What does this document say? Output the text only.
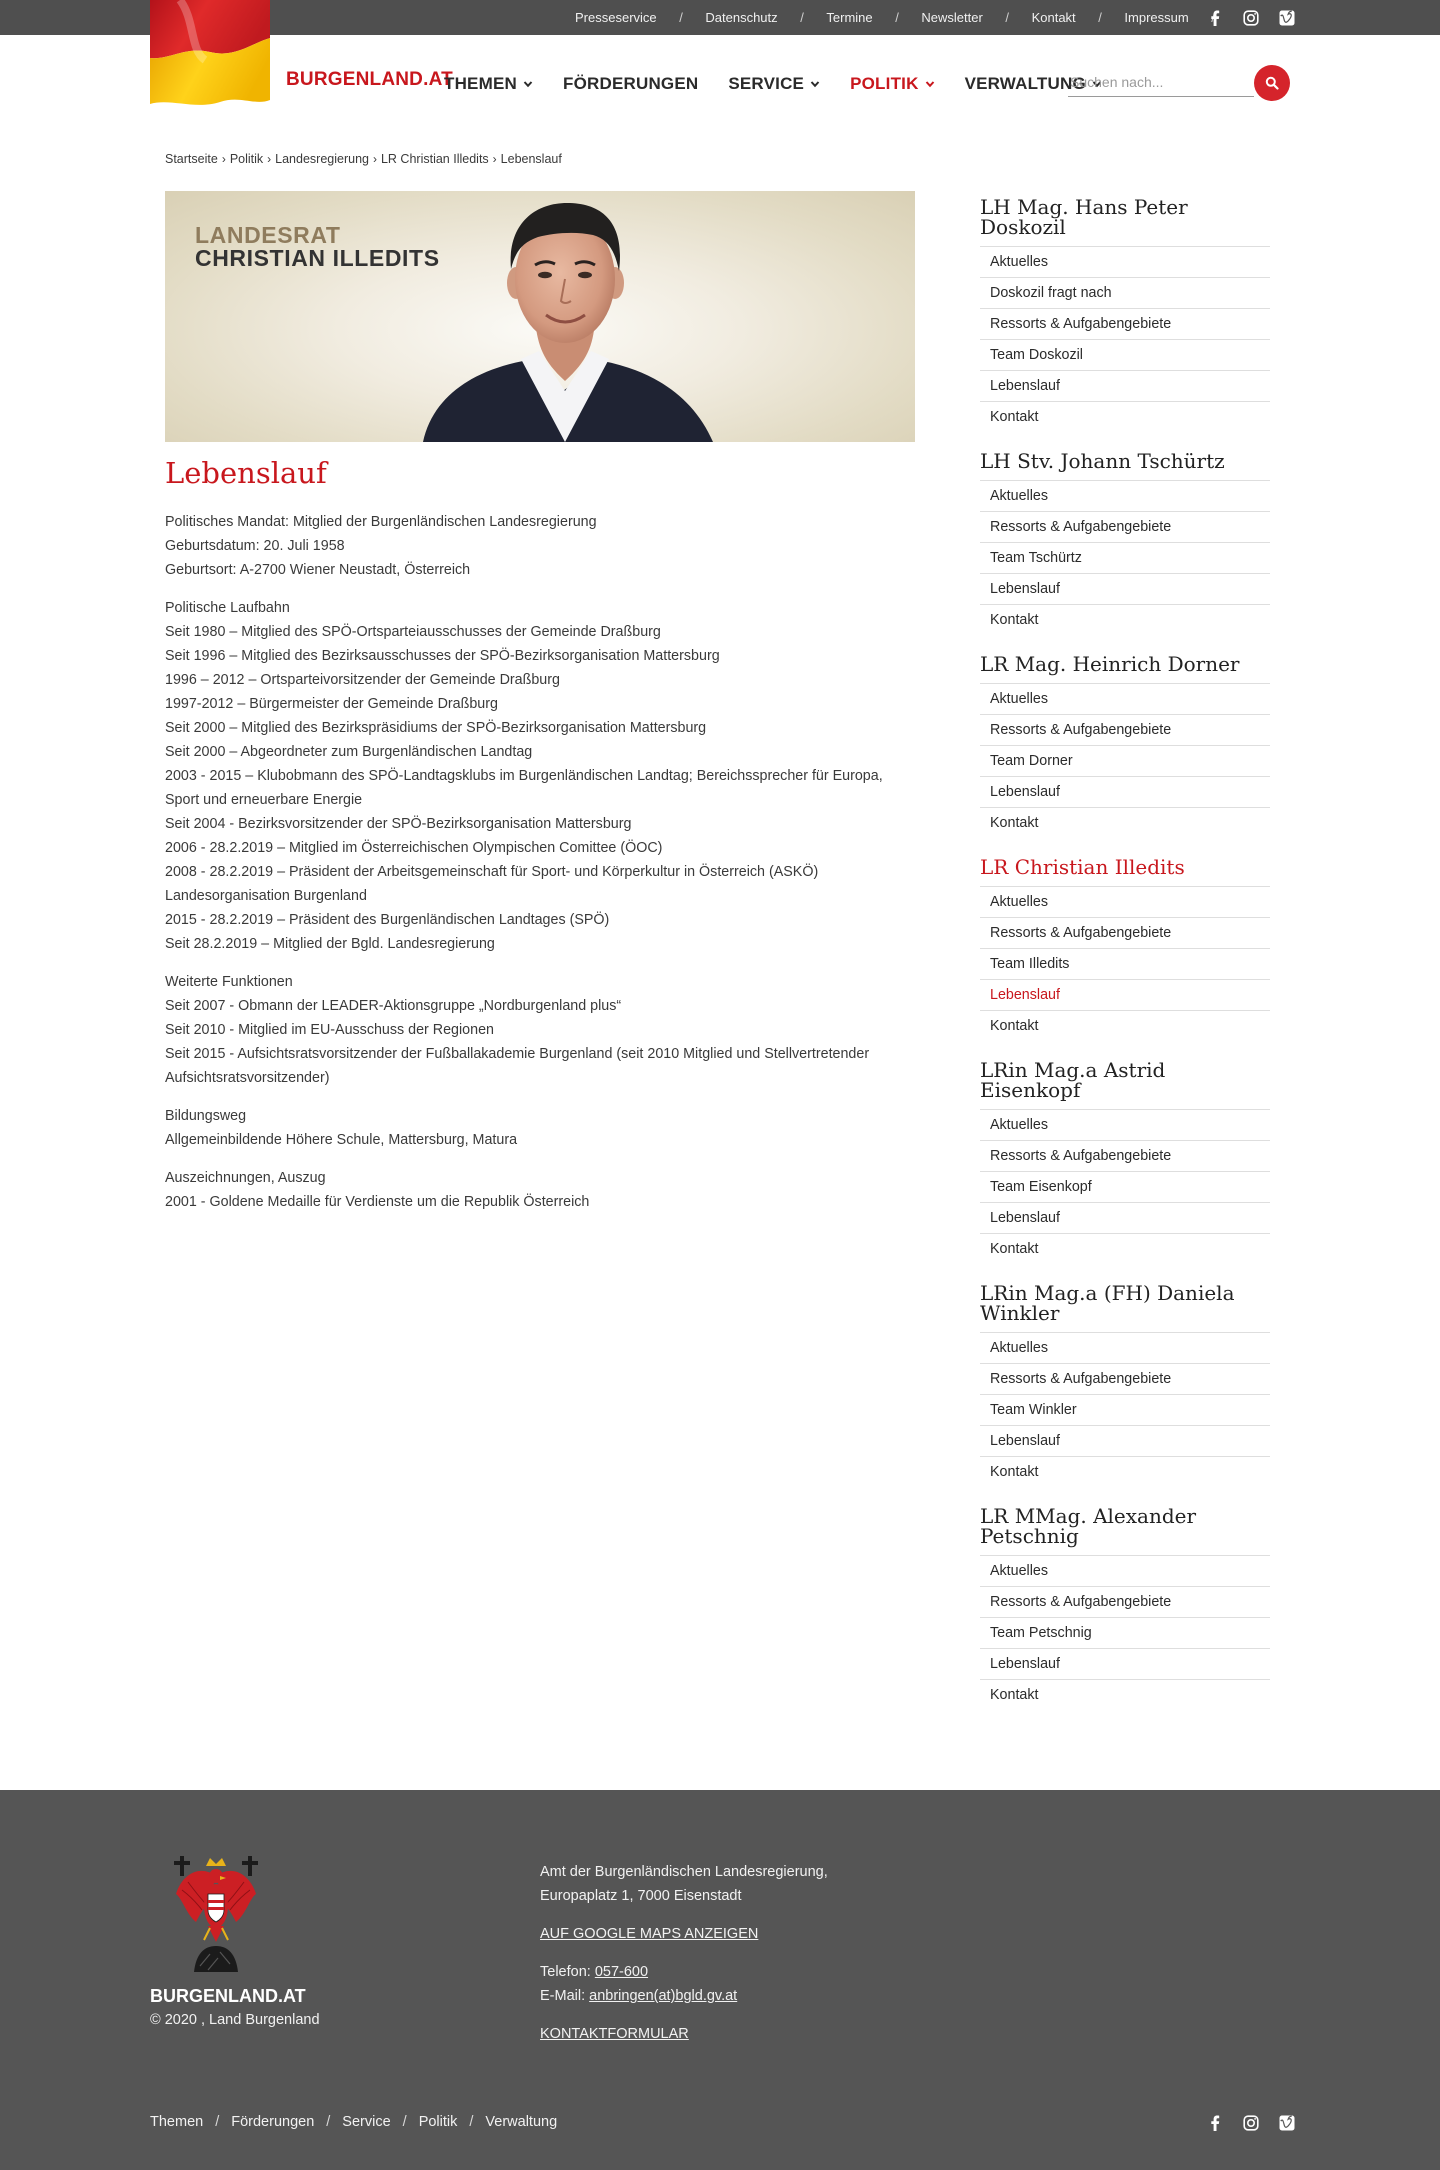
Presseservice / Datenschutz / Termine / Newsletter / Kontakt / Impressum
BURGENLAND.AT
THEMEN	FÖRDERUNGEN SERVICE	POLITIK	VERWALTUNG
Suchen nach...
Startseite › Politik › Landesregierung › LR Christian Illedits › Lebenslauf
LANDESRAT
CHRISTIAN ILLEDITS
Lebenslauf
Politisches Mandat: Mitglied der Burgenländischen Landesregierung
Geburtsdatum: 20. Juli 1958
Geburtsort: A-2700 Wiener Neustadt, Österreich
Politische Laufbahn
Seit 1980 – Mitglied des SPÖ-Ortsparteiausschusses der Gemeinde Draßburg
Seit 1996 – Mitglied des Bezirksausschusses der SPÖ-Bezirksorganisation Mattersburg
1996 – 2012 – Ortsparteivorsitzender der Gemeinde Draßburg
1997-2012 – Bürgermeister der Gemeinde Draßburg
Seit 2000 – Mitglied des Bezirkspräsidiums der SPÖ-Bezirksorganisation Mattersburg
Seit 2000 – Abgeordneter zum Burgenländischen Landtag
2003 - 2015 – Klubobmann des SPÖ-Landtagsklubs im Burgenländischen Landtag; Bereichssprecher für Europa,
Sport und erneuerbare Energie
Seit 2004 - Bezirksvorsitzender der SPÖ-Bezirksorganisation Mattersburg
2006 - 28.2.2019 – Mitglied im Österreichischen Olympischen Comittee (ÖOC)
2008 - 28.2.2019 – Präsident der Arbeitsgemeinschaft für Sport- und Körperkultur in Österreich (ASKÖ)
Landesorganisation Burgenland
2015 - 28.2.2019 – Präsident des Burgenländischen Landtages (SPÖ)
Seit 28.2.2019 – Mitglied der Bgld. Landesregierung
Weiterte Funktionen
Seit 2007 - Obmann der LEADER-Aktionsgruppe „Nordburgenland plus“
Seit 2010 - Mitglied im EU-Ausschuss der Regionen
Seit 2015 - Aufsichtsratsvorsitzender der Fußballakademie Burgenland (seit 2010 Mitglied und Stellvertretender
Aufsichtsratsvorsitzender)
Bildungsweg
Allgemeinbildende Höhere Schule, Mattersburg, Matura
Auszeichnungen, Auszug
2001 - Goldene Medaille für Verdienste um die Republik Österreich
LH Mag. Hans Peter Doskozil
Aktuelles
Doskozil fragt nach
Ressorts & Aufgabengebiete
Team Doskozil
Lebenslauf
Kontakt
LH Stv. Johann Tschürtz
Aktuelles
Ressorts & Aufgabengebiete
Team Tschürtz
Lebenslauf
Kontakt
LR Mag. Heinrich Dorner
Aktuelles
Ressorts & Aufgabengebiete
Team Dorner
Lebenslauf
Kontakt
LR Christian Illedits
Aktuelles
Ressorts & Aufgabengebiete
Team Illedits
Lebenslauf
Kontakt
LRin Mag.a Astrid Eisenkopf
Aktuelles
Ressorts & Aufgabengebiete
Team Eisenkopf
Lebenslauf
Kontakt
LRin Mag.a (FH) Daniela Winkler
Aktuelles
Ressorts & Aufgabengebiete
Team Winkler
Lebenslauf
Kontakt
LR MMag. Alexander Petschnig
Aktuelles
Ressorts & Aufgabengebiete
Team Petschnig
Lebenslauf
Kontakt
BURGENLAND.AT
© 2020 , Land Burgenland
Amt der Burgenländischen Landesregierung,
Europaplatz 1, 7000 Eisenstadt
AUF GOOGLE MAPS ANZEIGEN
Telefon: 057-600
E-Mail: anbringen(at)bgld.gv.at
KONTAKTFORMULAR
Themen / Förderungen / Service / Politik / Verwaltung
